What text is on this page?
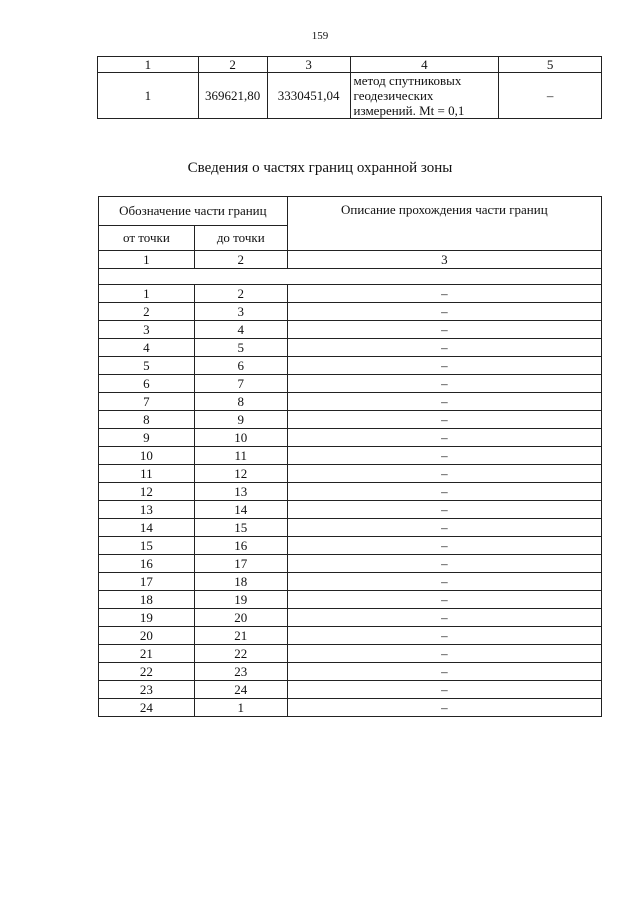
159
1	2	3	4	5
1	369621,80	3330451,04	метод спутниковых
геодезических
измерений. Mt = 0,1	–
Сведения о частях границ охранной зоны
Обозначение части границ		Описание прохождения части границ
от точки	до точки	
1	2	3

1	2	–
2	3	–
3	4	–
4	5	–
5	6	–
6	7	–
7	8	–
8	9	–
9	10	–
10	11	–
11	12	–
12	13	–
13	14	–
14	15	–
15	16	–
16	17	–
17	18	–
18	19	–
19	20	–
20	21	–
21	22	–
22	23	–
23	24	–
24	1	–
